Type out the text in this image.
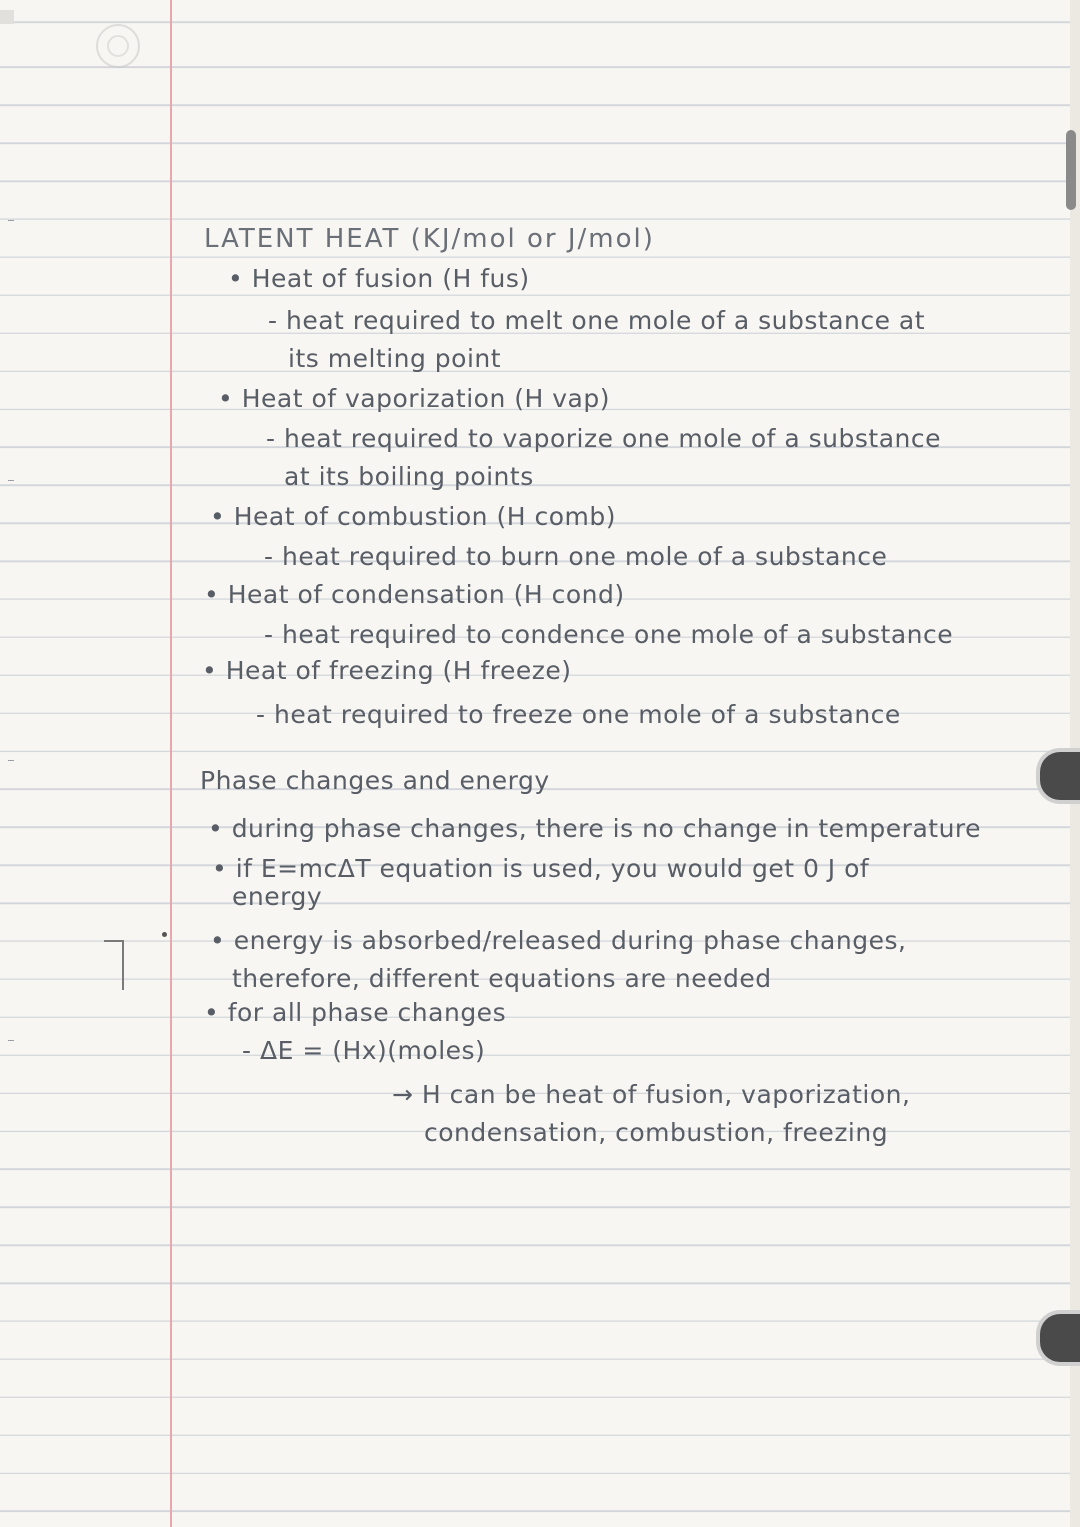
LATENT HEAT (KJ/mol or J/mol)

• Heat of fusion (H fus)

- heat required to melt one mole of a substance at

its melting point

• Heat of vaporization (H vap)

- heat required to vaporize one mole of a substance

at its boiling points

• Heat of combustion (H comb)

- heat required to burn one mole of a substance

• Heat of condensation (H cond)

- heat required to condence one mole of a substance

• Heat of freezing (H freeze)

- heat required to freeze one mole of a substance

Phase changes and energy

• during phase changes, there is no change in temperature

• if E=mcΔT equation is used, you would get 0 J of

energy

• energy is absorbed/released during phase changes,

therefore, different equations are needed

• for all phase changes

- ΔE = (Hx)(moles)

→ H can be heat of fusion, vaporization,

condensation, combustion, freezing
